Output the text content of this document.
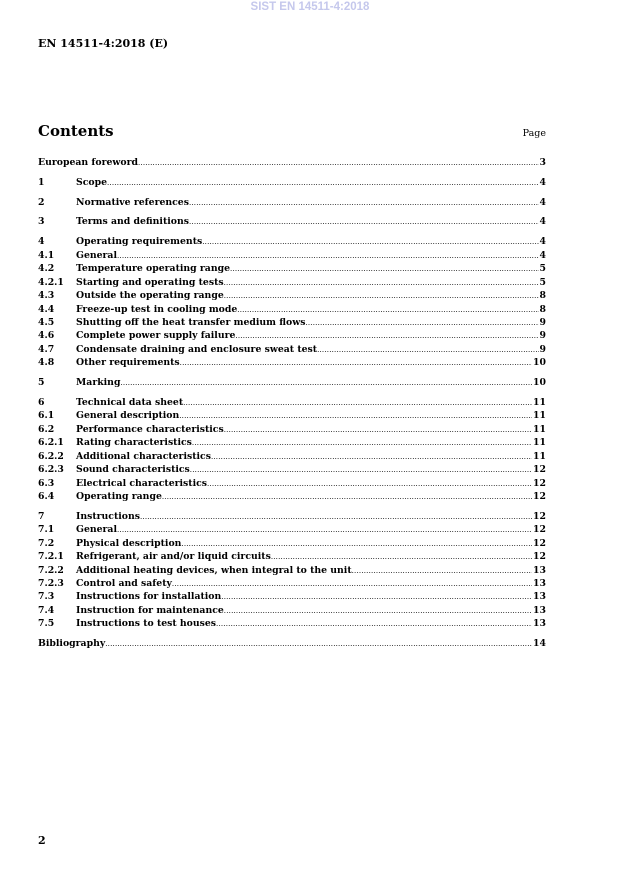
SIST EN 14511-4:2018
EN 14511-4:2018 (E)
Contents	Page
European foreword .....	3
1	Scope .....	4
2	Normative references .....	4
3	Terms and definitions .....	4
4	Operating requirements .....	4
4.1	General .....	4
4.2	Temperature operating range .....	5
4.2.1	Starting and operating tests .....	5
4.3	Outside the operating range .....	8
4.4	Freeze-up test in cooling mode .....	8
4.5	Shutting off the heat transfer medium flows .....	9
4.6	Complete power supply failure .....	9
4.7	Condensate draining and enclosure sweat test .....	9
4.8	Other requirements .....	10
5	Marking .....	10
6	Technical data sheet .....	11
6.1	General description .....	11
6.2	Performance characteristics .....	11
6.2.1	Rating characteristics .....	11
6.2.2	Additional characteristics .....	11
6.2.3	Sound characteristics .....	12
6.3	Electrical characteristics .....	12
6.4	Operating range .....	12
7	Instructions .....	12
7.1	General .....	12
7.2	Physical description .....	12
7.2.1	Refrigerant, air and/or liquid circuits .....	12
7.2.2	Additional heating devices, when integral to the unit .....	13
7.2.3	Control and safety .....	13
7.3	Instructions for installation .....	13
7.4	Instruction for maintenance .....	13
7.5	Instructions to test houses .....	13
Bibliography .....	14
2
